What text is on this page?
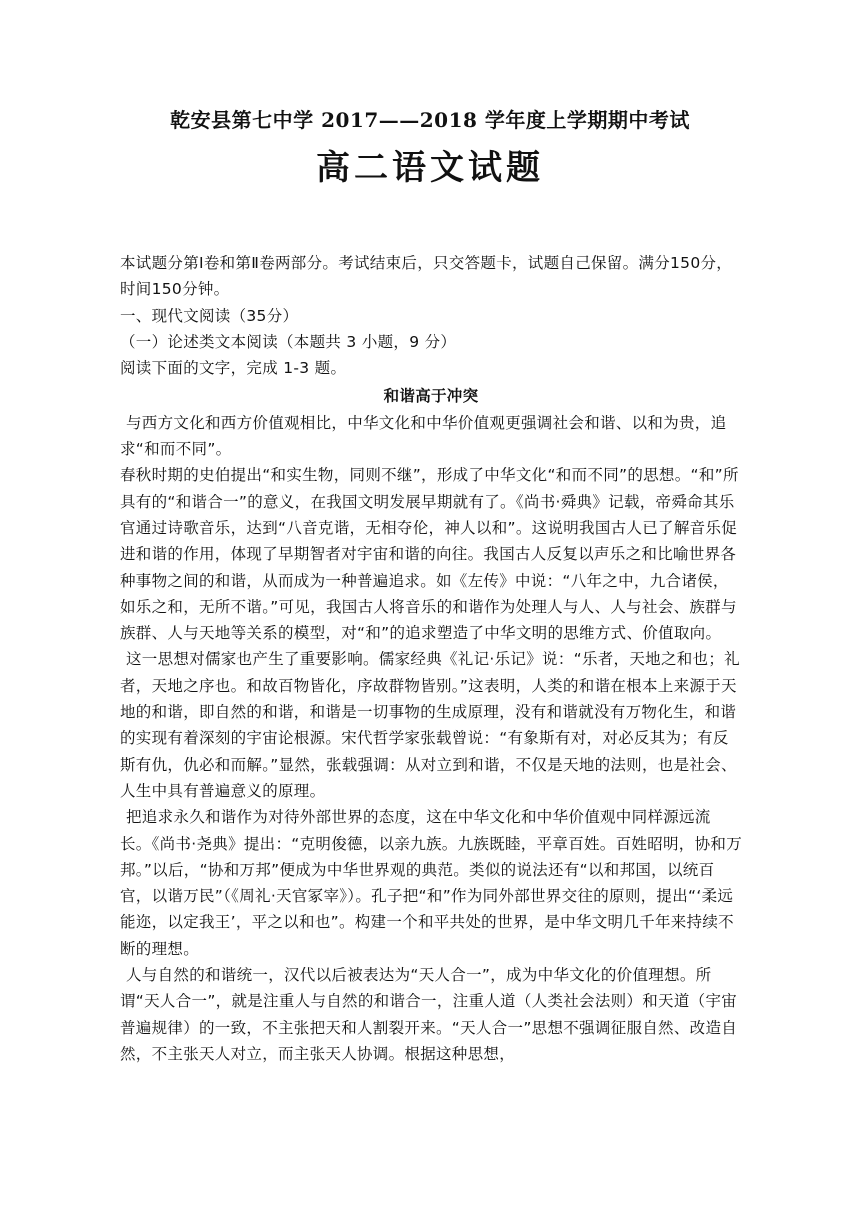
乾安县第七中学 2017——2018 学年度上学期期中考试
高二语文试题

本试题分第Ⅰ卷和第Ⅱ卷两部分。考试结束后，只交答题卡，试题自己保留。满分150分，时间150分钟。

一、现代文阅读（35分）

（一）论述类文本阅读（本题共 3 小题，9 分）

阅读下面的文字，完成 1-3 题。

和谐高于冲突

与西方文化和西方价值观相比，中华文化和中华价值观更强调社会和谐、以和为贵，追求“和而不同”。

春秋时期的史伯提出“和实生物，同则不继”，形成了中华文化“和而不同”的思想。“和”所具有的“和谐合一”的意义，在我国文明发展早期就有了。《尚书·舜典》记载，帝舜命其乐官通过诗歌音乐，达到“八音克谐，无相夺伦，神人以和”。这说明我国古人已了解音乐促进和谐的作用，体现了早期智者对宇宙和谐的向往。我国古人反复以声乐之和比喻世界各种事物之间的和谐，从而成为一种普遍追求。如《左传》中说：“八年之中，九合诸侯，如乐之和，无所不谐。”可见，我国古人将音乐的和谐作为处理人与人、人与社会、族群与族群、人与天地等关系的模型，对“和”的追求塑造了中华文明的思维方式、价值取向。

这一思想对儒家也产生了重要影响。儒家经典《礼记·乐记》说：“乐者，天地之和也；礼者，天地之序也。和故百物皆化，序故群物皆别。”这表明，人类的和谐在根本上来源于天地的和谐，即自然的和谐，和谐是一切事物的生成原理，没有和谐就没有万物化生，和谐的实现有着深刻的宇宙论根源。宋代哲学家张载曾说：“有象斯有对，对必反其为；有反斯有仇，仇必和而解。”显然，张载强调：从对立到和谐，不仅是天地的法则，也是社会、人生中具有普遍意义的原理。

把追求永久和谐作为对待外部世界的态度，这在中华文化和中华价值观中同样源远流长。《尚书·尧典》提出：“克明俊德，以亲九族。九族既睦，平章百姓。百姓昭明，协和万邦。”以后，“协和万邦”便成为中华世界观的典范。类似的说法还有“以和邦国，以统百官，以谐万民”（《周礼·天官冢宰》）。孔子把“和”作为同外部世界交往的原则，提出“‘柔远能迩，以定我王’，平之以和也”。构建一个和平共处的世界，是中华文明几千年来持续不断的理想。

人与自然的和谐统一，汉代以后被表达为“天人合一”，成为中华文化的价值理想。所谓“天人合一”，就是注重人与自然的和谐合一，注重人道（人类社会法则）和天道（宇宙普遍规律）的一致，不主张把天和人割裂开来。“天人合一”思想不强调征服自然、改造自然，不主张天人对立，而主张天人协调。根据这种思想，
